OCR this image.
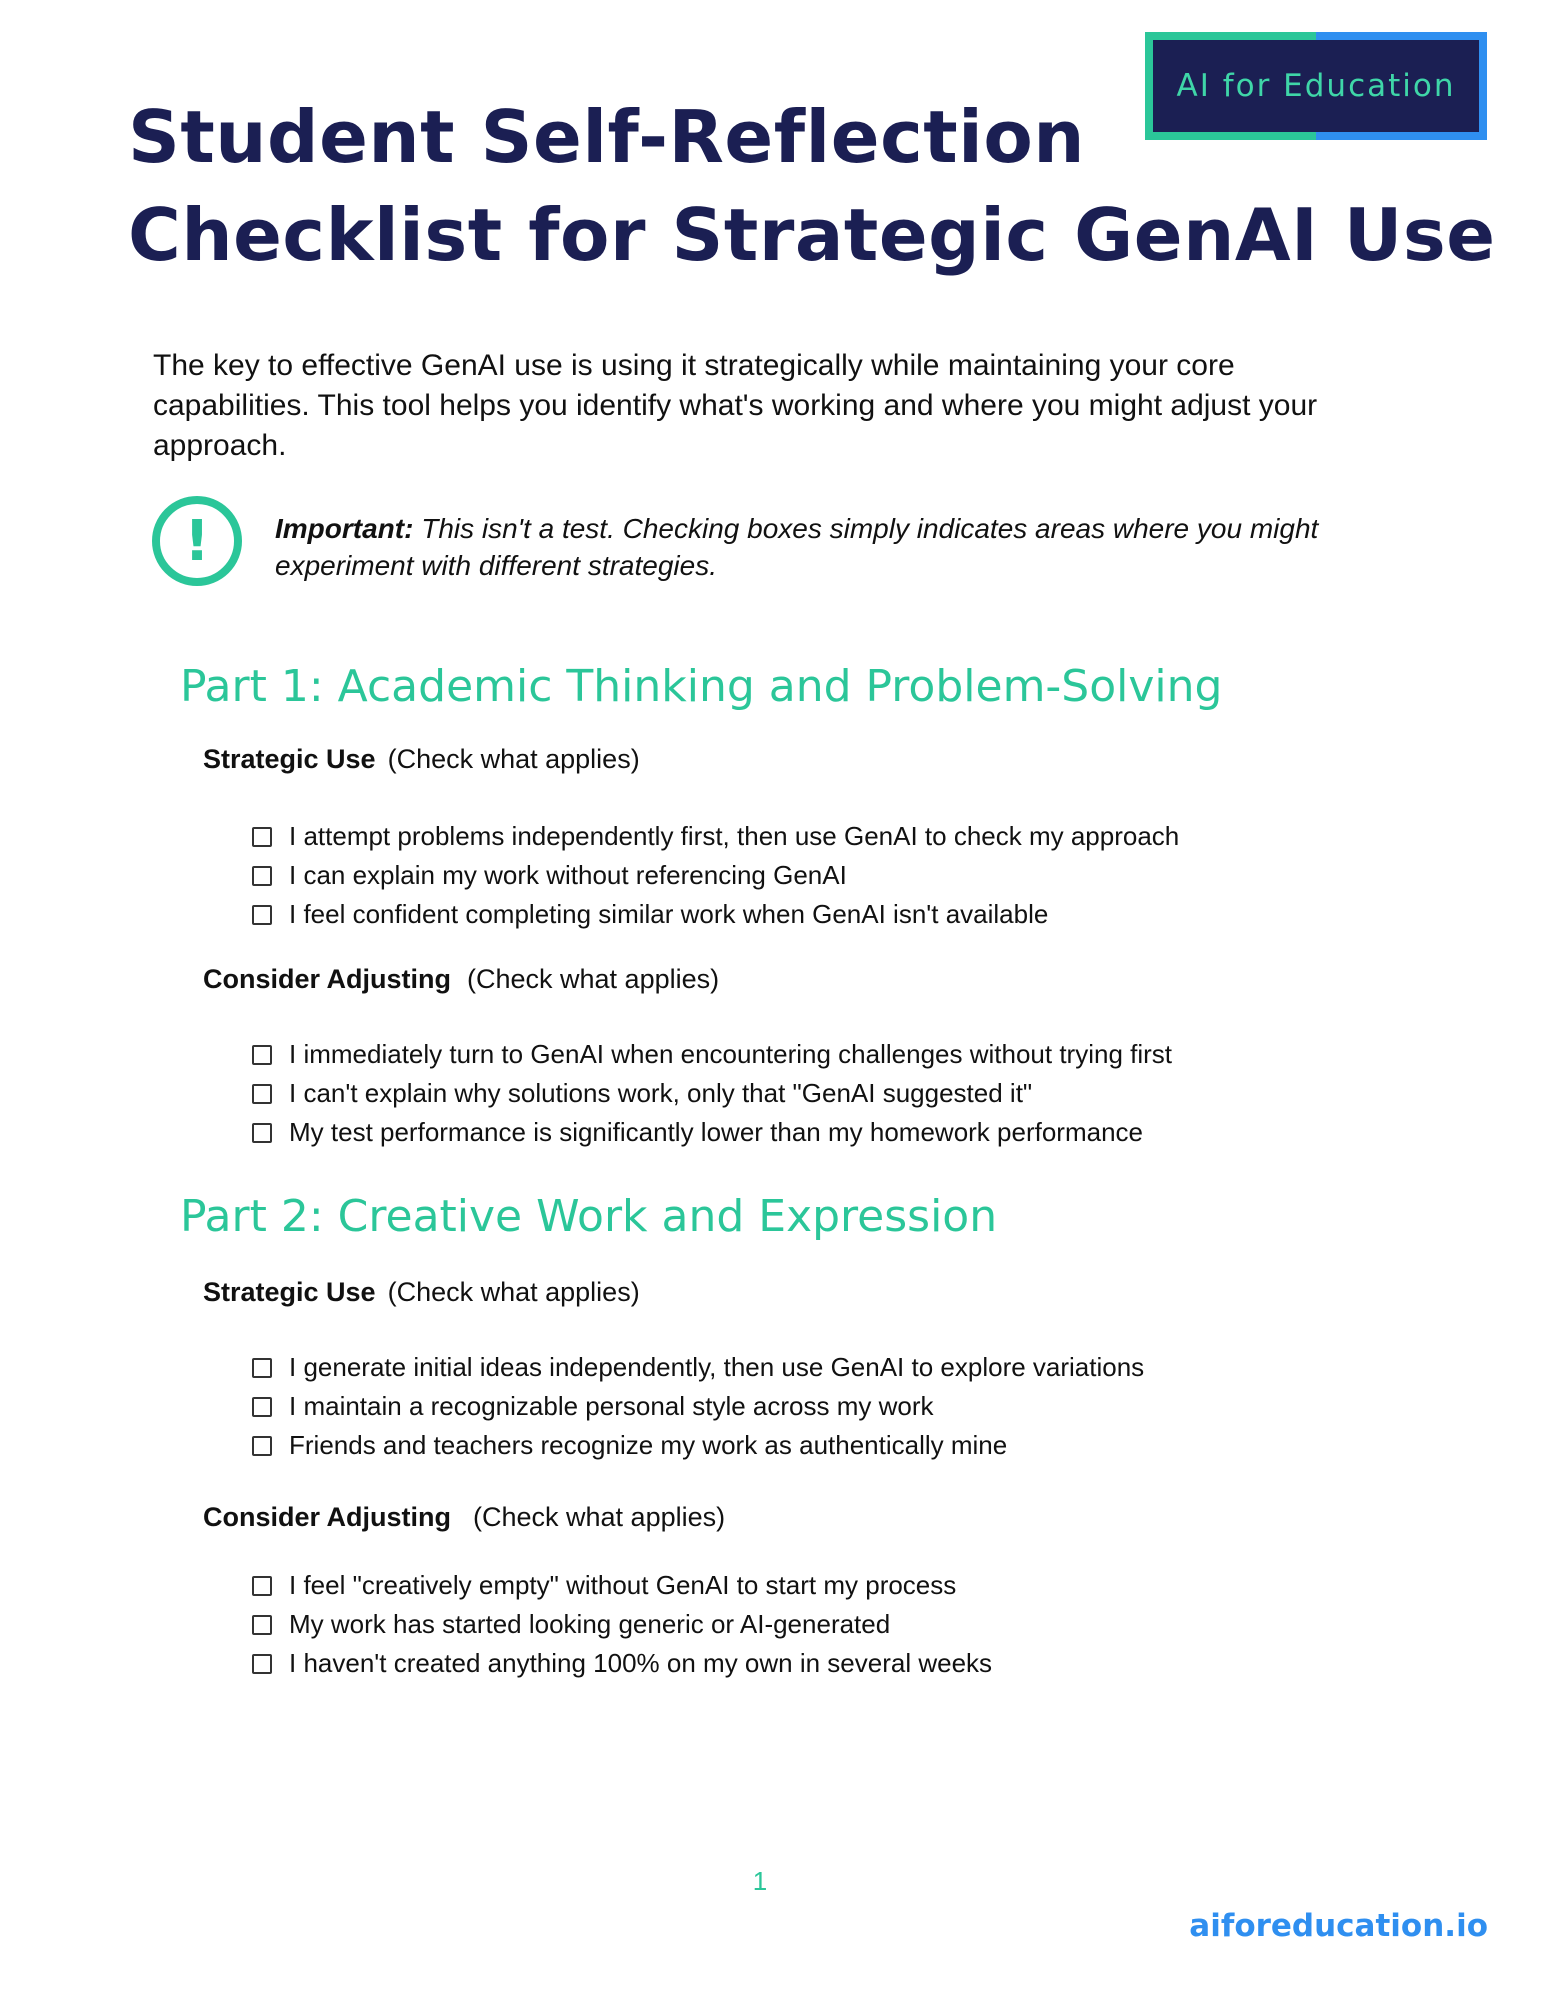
AI for Education
Student Self-Reflection
Checklist for Strategic GenAI Use

The key to effective GenAI use is using it strategically while maintaining your core capabilities. This tool helps you identify what's working and where you might adjust your approach.

!	Important: This isn't a test. Checking boxes simply indicates areas where you might experiment with different strategies.

Part 1: Academic Thinking and Problem-Solving
Strategic Use (Check what applies)
I attempt problems independently first, then use GenAI to check my approach
I can explain my work without referencing GenAI
I feel confident completing similar work when GenAI isn't available
Consider Adjusting (Check what applies)
I immediately turn to GenAI when encountering challenges without trying first
I can't explain why solutions work, only that "GenAI suggested it"
My test performance is significantly lower than my homework performance
Part 2: Creative Work and Expression
Strategic Use (Check what applies)
I generate initial ideas independently, then use GenAI to explore variations
I maintain a recognizable personal style across my work
Friends and teachers recognize my work as authentically mine
Consider Adjusting (Check what applies)
I feel "creatively empty" without GenAI to start my process
My work has started looking generic or AI-generated
I haven't created anything 100% on my own in several weeks
1
aiforeducation.io
